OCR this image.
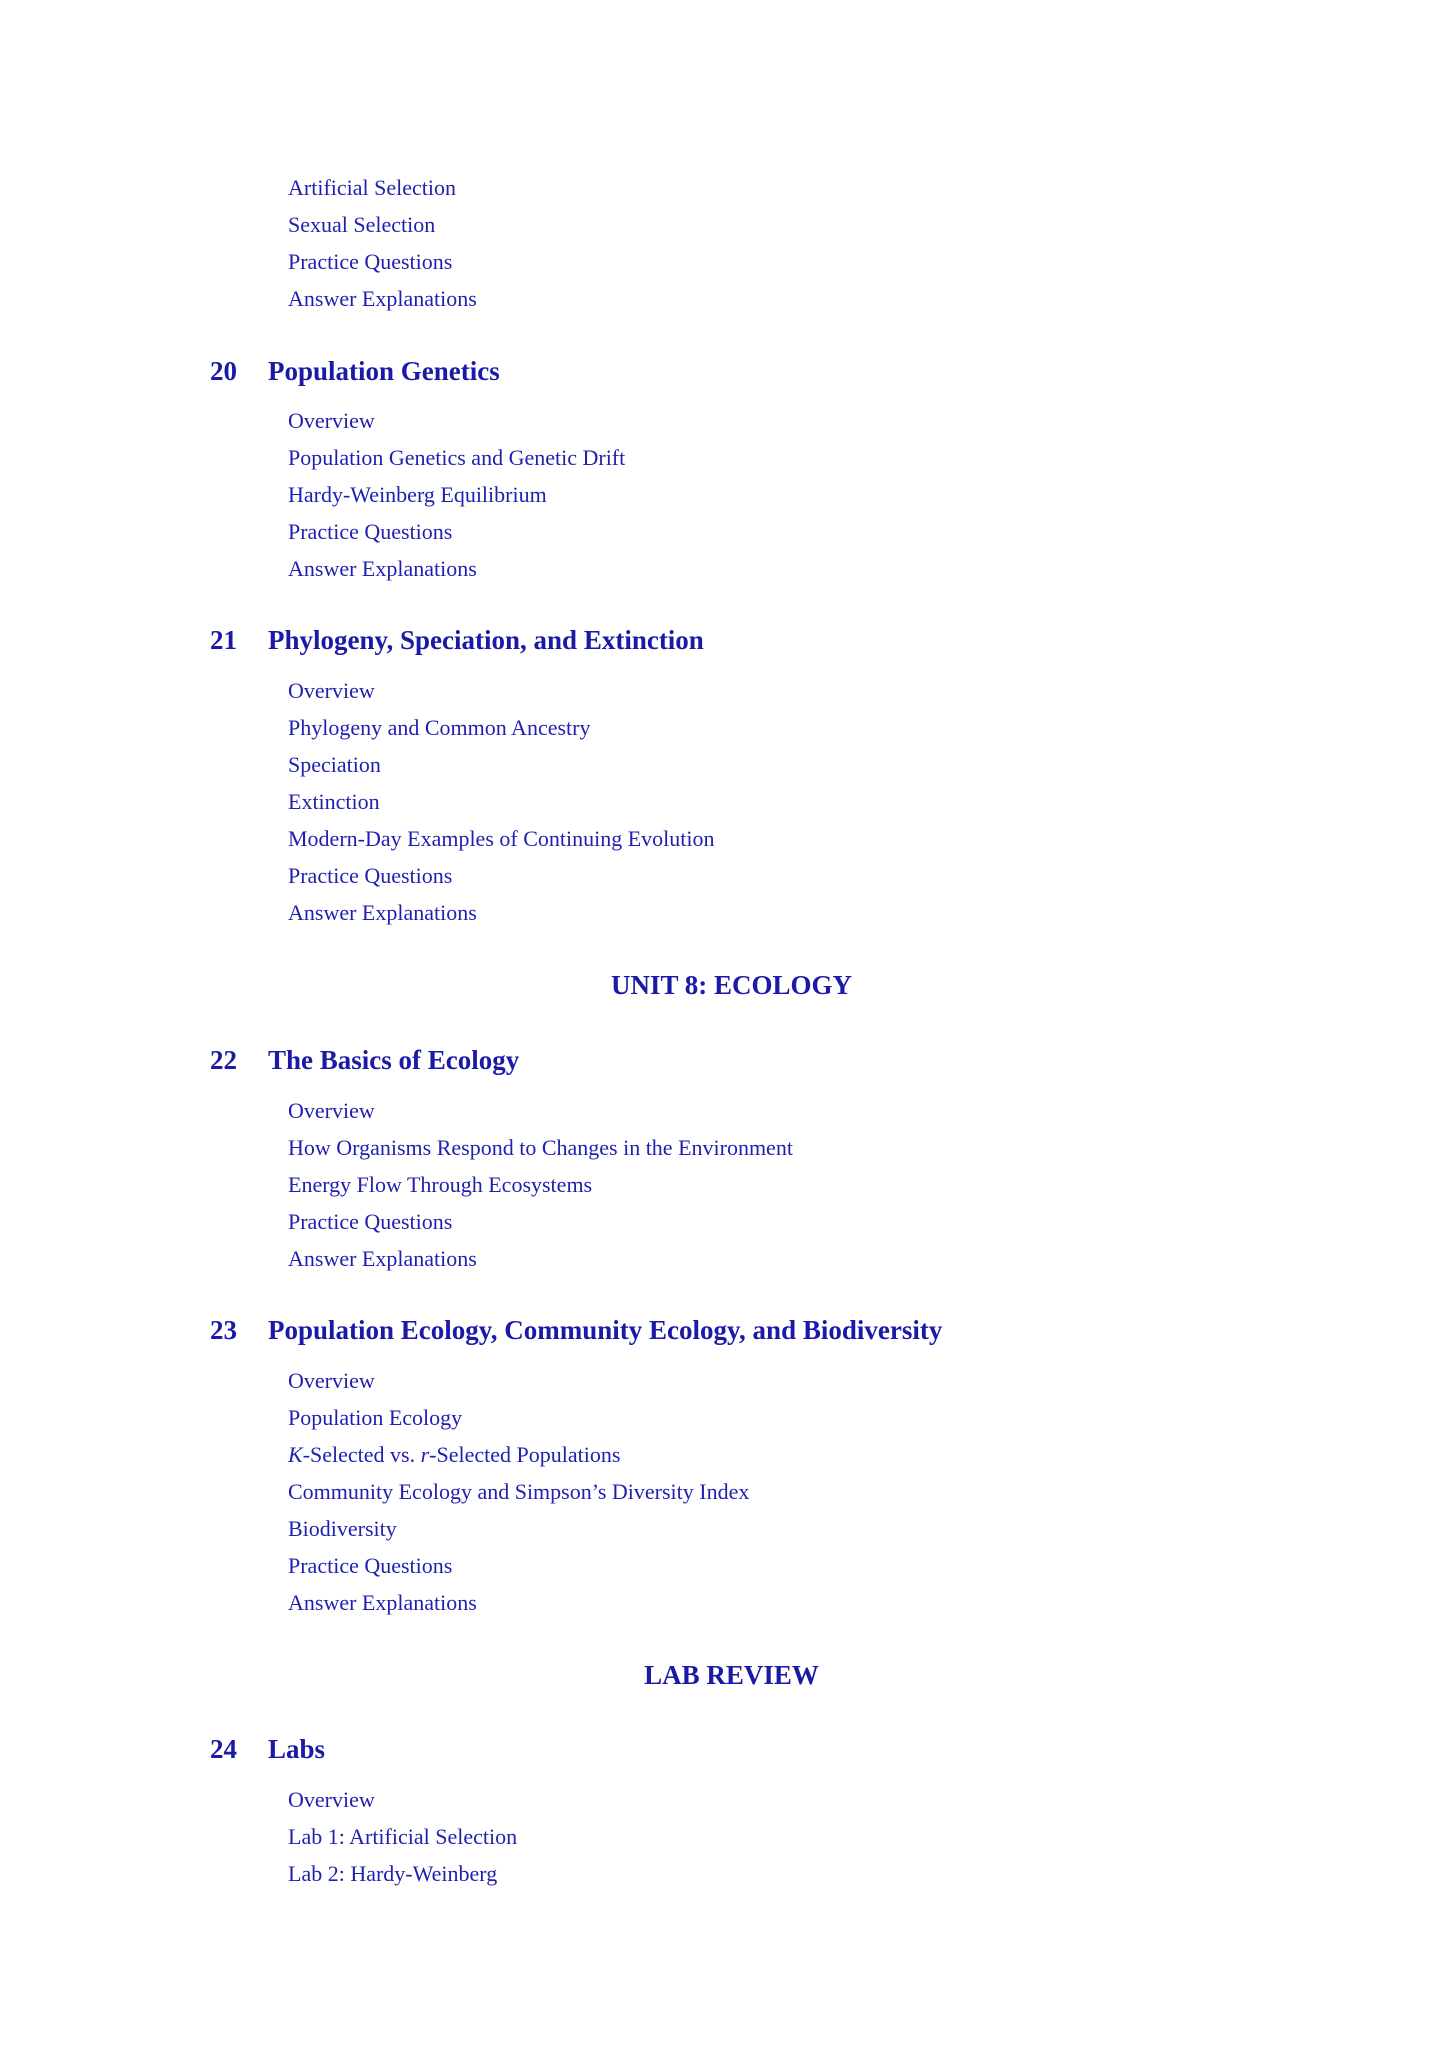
Artificial Selection
Sexual Selection
Practice Questions
Answer Explanations
20	Population Genetics
Overview
Population Genetics and Genetic Drift
Hardy-Weinberg Equilibrium
Practice Questions
Answer Explanations
21	Phylogeny, Speciation, and Extinction
Overview
Phylogeny and Common Ancestry
Speciation
Extinction
Modern-Day Examples of Continuing Evolution
Practice Questions
Answer Explanations
UNIT 8: ECOLOGY
22	The Basics of Ecology
Overview
How Organisms Respond to Changes in the Environment
Energy Flow Through Ecosystems
Practice Questions
Answer Explanations
23	Population Ecology, Community Ecology, and Biodiversity
Overview
Population Ecology
K-Selected vs. r-Selected Populations
Community Ecology and Simpson’s Diversity Index
Biodiversity
Practice Questions
Answer Explanations
LAB REVIEW
24	Labs
Overview
Lab 1: Artificial Selection
Lab 2: Hardy-Weinberg
